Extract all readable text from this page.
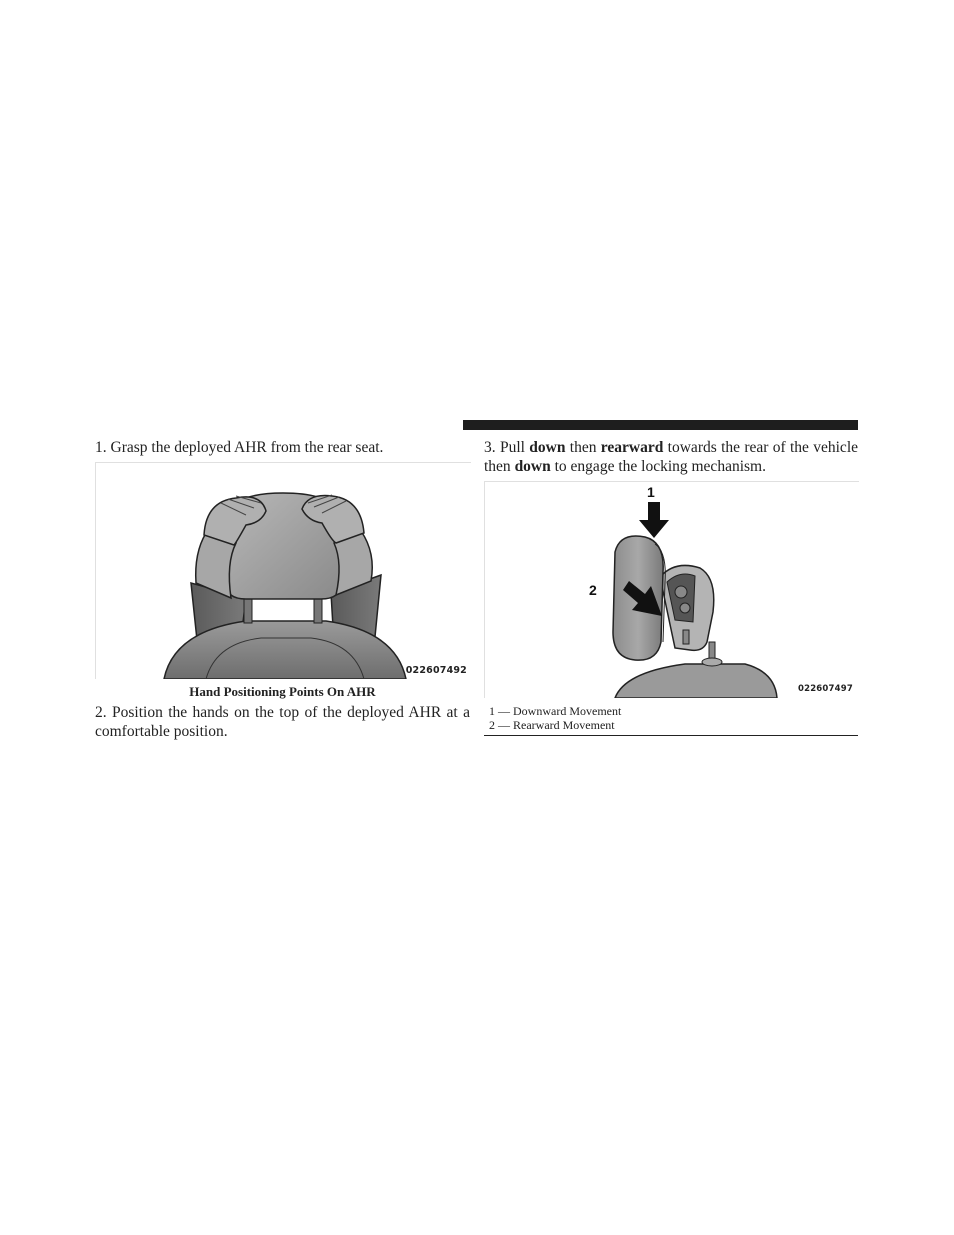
1. Grasp the deployed AHR from the rear seat.

022607492
Hand Positioning Points On AHR

2. Position the hands on the top of the deployed AHR at a comfortable position.

3. Pull down then rearward towards the rear of the vehicle then down to engage the locking mechanism.

1
2
022607497
1 — Downward Movement
2 — Rearward Movement
